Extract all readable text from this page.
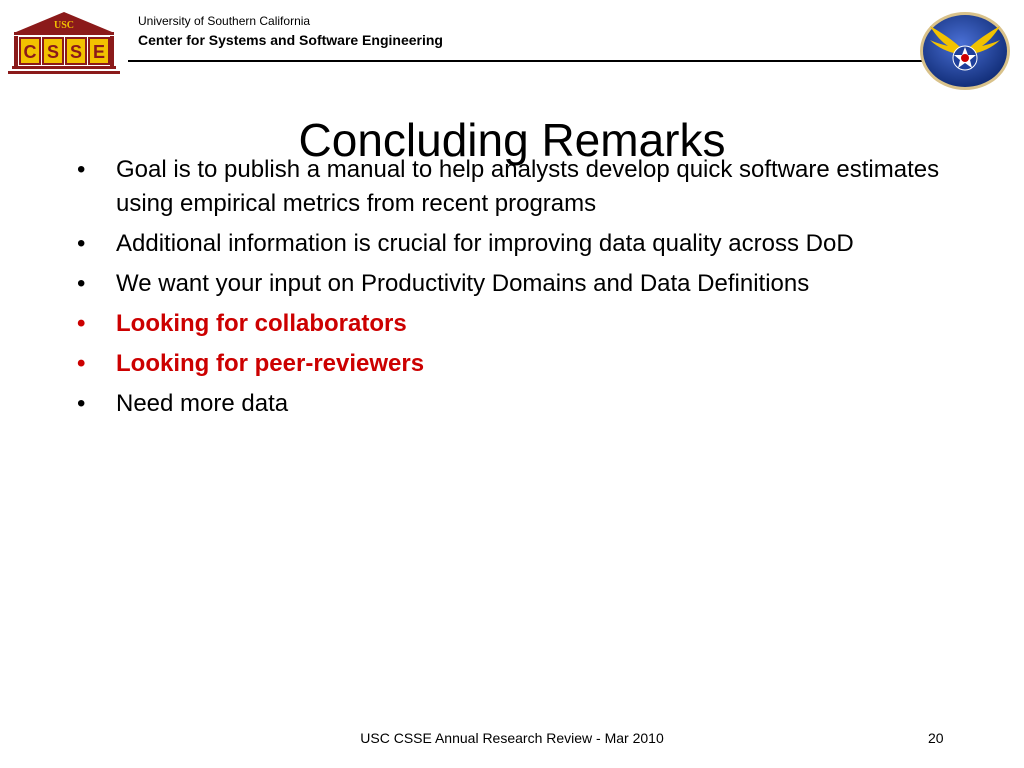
USC
C S S E
University of Southern California
Center for Systems and Software Engineering
Concluding Remarks
• Goal is to publish a manual to help analysts develop quick software estimates using empirical metrics from recent programs
• Additional information is crucial for improving data quality across DoD
• We want your input on Productivity Domains and Data Definitions
• Looking for collaborators
• Looking for peer-reviewers
• Need more data
USC CSSE Annual Research Review - Mar 2010	20
